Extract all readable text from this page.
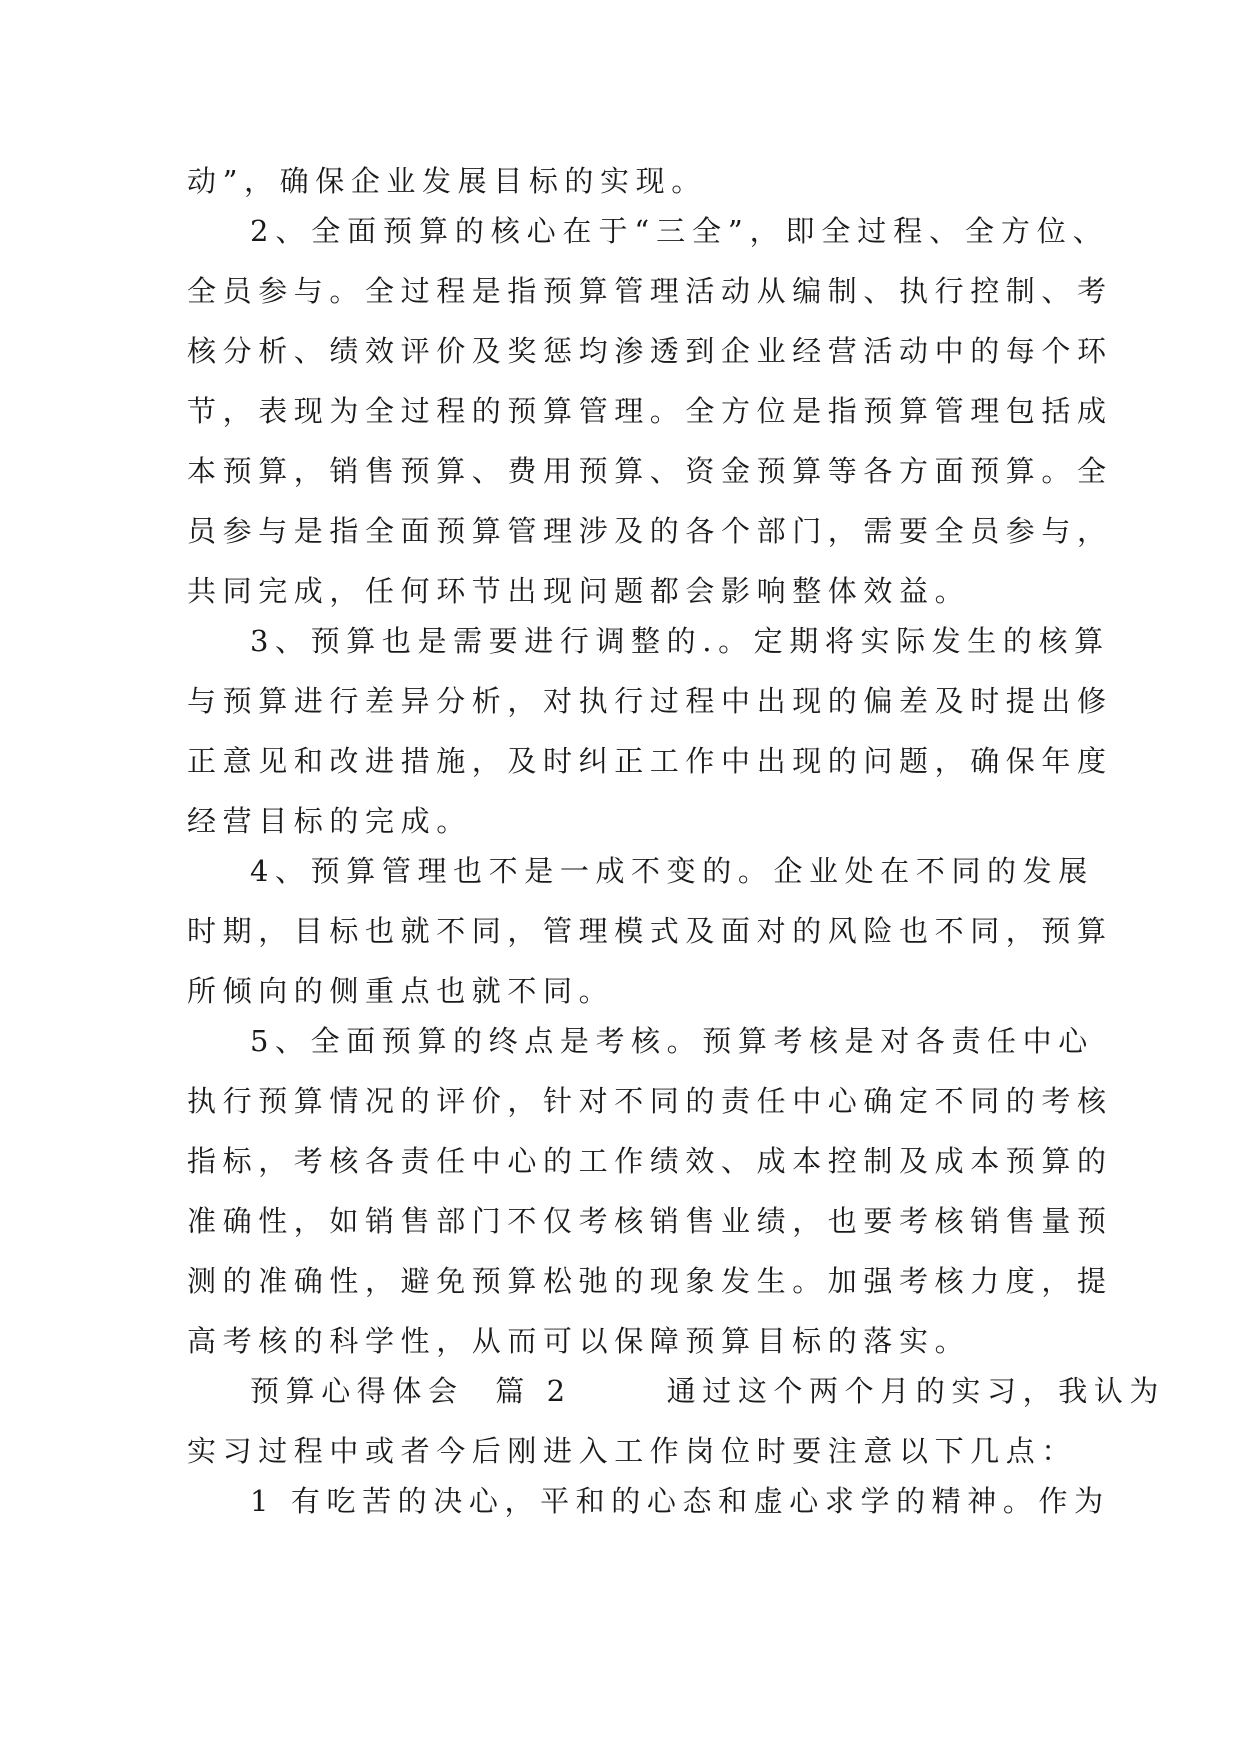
动”，确保企业发展目标的实现。
2、全面预算的核心在于“三全”，即全过程、全方位、
全员参与。全过程是指预算管理活动从编制、执行控制、考
核分析、绩效评价及奖惩均渗透到企业经营活动中的每个环
节，表现为全过程的预算管理。全方位是指预算管理包括成
本预算，销售预算、费用预算、资金预算等各方面预算。全
员参与是指全面预算管理涉及的各个部门，需要全员参与，
共同完成，任何环节出现问题都会影响整体效益。
3、预算也是需要进行调整的.。定期将实际发生的核算
与预算进行差异分析，对执行过程中出现的偏差及时提出修
正意见和改进措施，及时纠正工作中出现的问题，确保年度
经营目标的完成。
4、预算管理也不是一成不变的。企业处在不同的发展
时期，目标也就不同，管理模式及面对的风险也不同，预算
所倾向的侧重点也就不同。
5、全面预算的终点是考核。预算考核是对各责任中心
执行预算情况的评价，针对不同的责任中心确定不同的考核
指标，考核各责任中心的工作绩效、成本控制及成本预算的
准确性，如销售部门不仅考核销售业绩，也要考核销售量预
测的准确性，避免预算松弛的现象发生。加强考核力度，提
高考核的科学性，从而可以保障预算目标的落实。
预算心得体会  篇 2      通过这个两个月的实习，我认为
实习过程中或者今后刚进入工作岗位时要注意以下几点：
1 有吃苦的决心，平和的心态和虚心求学的精神。作为
